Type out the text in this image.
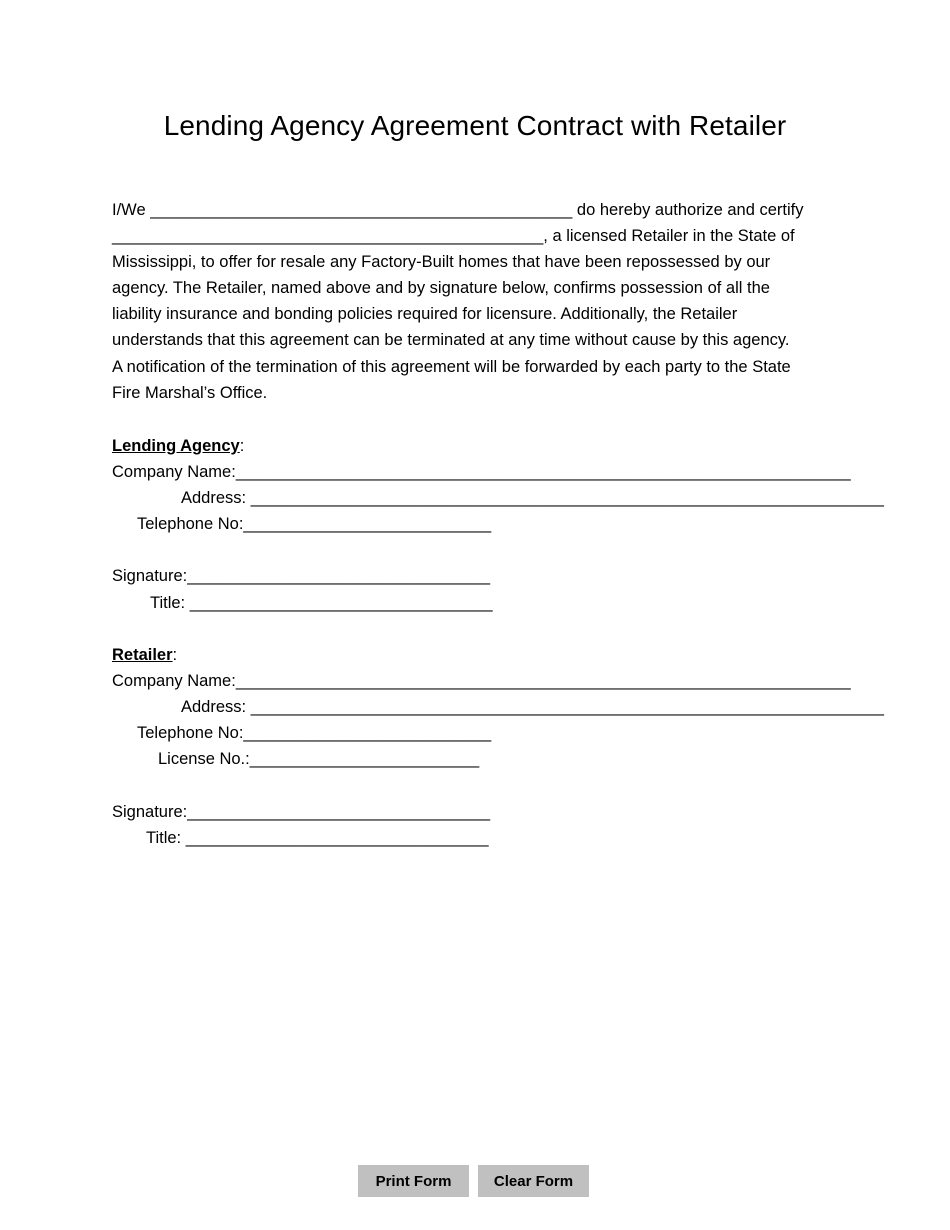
Lending Agency Agreement Contract with Retailer
I/We ______________________________________________ do hereby authorize and certify
_______________________________________________, a licensed Retailer in the State of
Mississippi, to offer for resale any Factory-Built homes that have been repossessed by our
agency. The Retailer, named above and by signature below, confirms possession of all the
liability insurance and bonding policies required for licensure. Additionally, the Retailer
understands that this agreement can be terminated at any time without cause by this agency.
A notification of the termination of this agreement will be forwarded by each party to the State
Fire Marshal’s Office.
Lending Agency:
Company Name:___________________________________________________________________
Address: _____________________________________________________________________
Telephone No:___________________________
Signature:_________________________________
Title: _________________________________
Retailer:
Company Name:___________________________________________________________________
Address: _____________________________________________________________________
Telephone No:___________________________
License No.:_________________________
Signature:_________________________________
Title: _________________________________
Print Form	Clear Form
